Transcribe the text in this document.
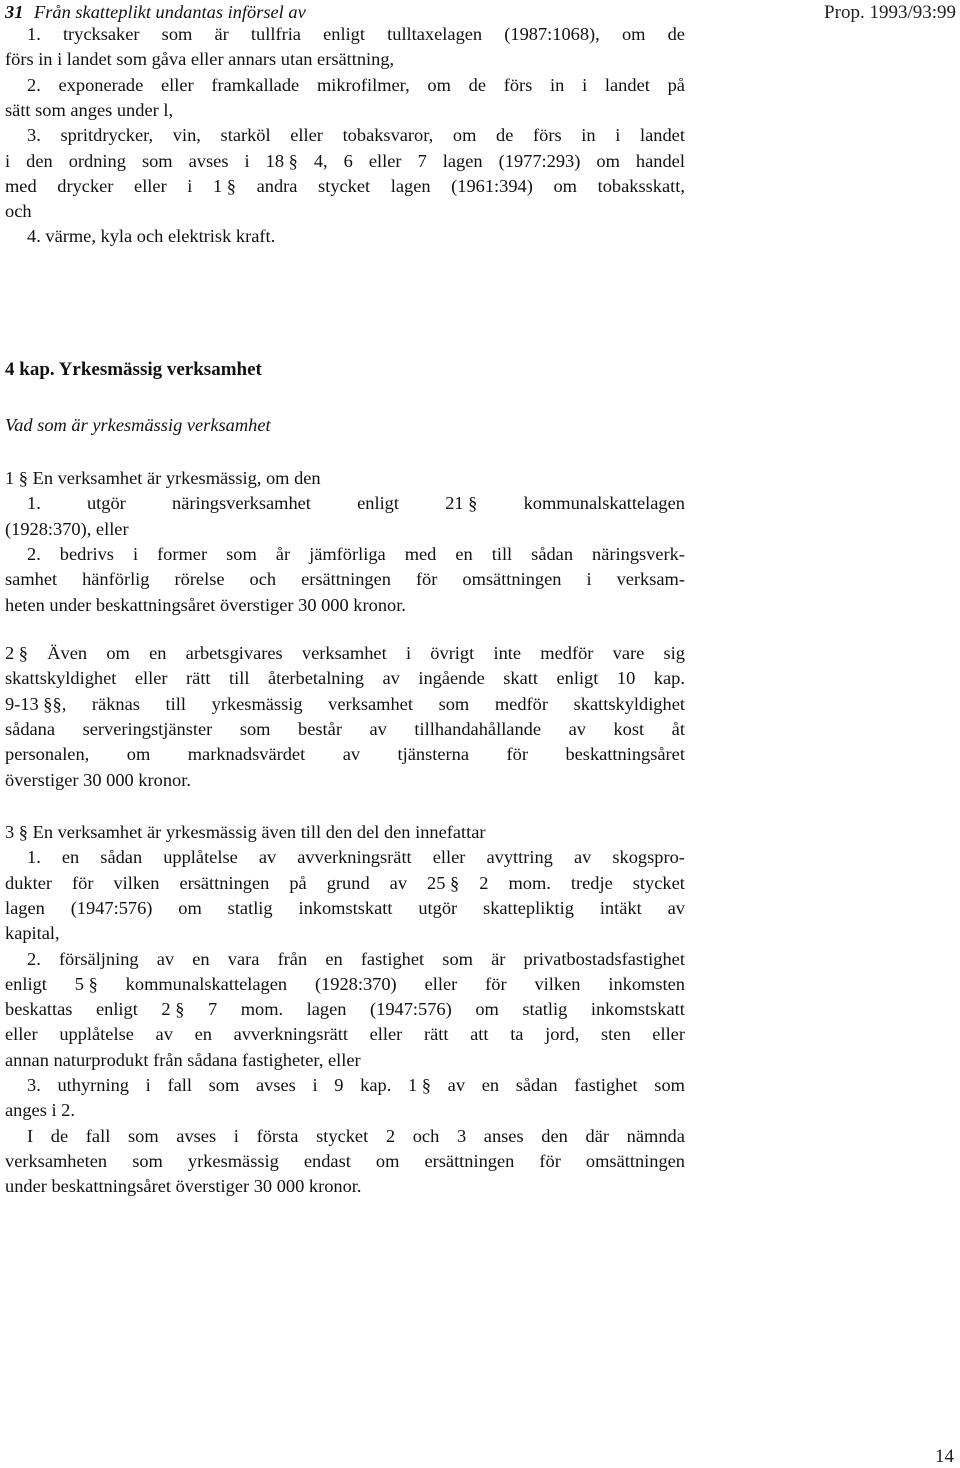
Prop. 1993/93:99
31 Från skatteplikt undantas införsel av
1. trycksaker som är tullfria enligt tulltaxelagen (1987:1068), om de
förs in i landet som gåva eller annars utan ersättning,
2. exponerade eller framkallade mikrofilmer, om de förs in i landet på
sätt som anges under l,
3. spritdrycker, vin, starköl eller tobaksvaror, om de förs in i landet
i den ordning som avses i 18 § 4, 6 eller 7 lagen (1977:293) om handel
med drycker eller i 1 § andra stycket lagen (1961:394) om tobaksskatt,
och
4. värme, kyla och elektrisk kraft.
4 kap. Yrkesmässig verksamhet
Vad som är yrkesmässig verksamhet
1 § En verksamhet är yrkesmässig, om den
1.	utgör	näringsverksamhet	enligt	21 §	kommunalskattelagen
(1928:370), eller
2. bedrivs i former som år jämförliga med en till sådan näringsverk-
samhet hänförlig rörelse och ersättningen för omsättningen i verksam-
heten under beskattningsåret överstiger 30 000 kronor.
2 § Även om en arbetsgivares verksamhet i övrigt inte medför vare sig
skattskyldighet eller rätt till återbetalning av ingående skatt enligt 10 kap.
9-13 §§, räknas till yrkesmässig verksamhet som medför skattskyldighet
sådana serveringstjänster som består av tillhandahållande av kost åt
personalen, om marknadsvärdet av tjänsterna för beskattningsåret
överstiger 30 000 kronor.
3 § En verksamhet är yrkesmässig även till den del den innefattar
1. en sådan upplåtelse av avverkningsrätt eller avyttring av skogspro-
dukter för vilken ersättningen på grund av 25 § 2 mom. tredje stycket
lagen (1947:576) om statlig inkomstskatt utgör skattepliktig intäkt av
kapital,
2. försäljning av en vara från en fastighet som är privatbostadsfastighet
enligt 5 § kommunalskattelagen (1928:370) eller för vilken inkomsten
beskattas enligt 2 § 7 mom. lagen (1947:576) om statlig inkomstskatt
eller upplåtelse av en avverkningsrätt eller rätt att ta jord, sten eller
annan naturprodukt från sådana fastigheter, eller
3. uthyrning i fall som avses i 9 kap. 1 § av en sådan fastighet som
anges i 2.
I de fall som avses i första stycket 2 och 3 anses den där nämnda
verksamheten som yrkesmässig endast om ersättningen för omsättningen
under beskattningsåret överstiger 30 000 kronor.
14
